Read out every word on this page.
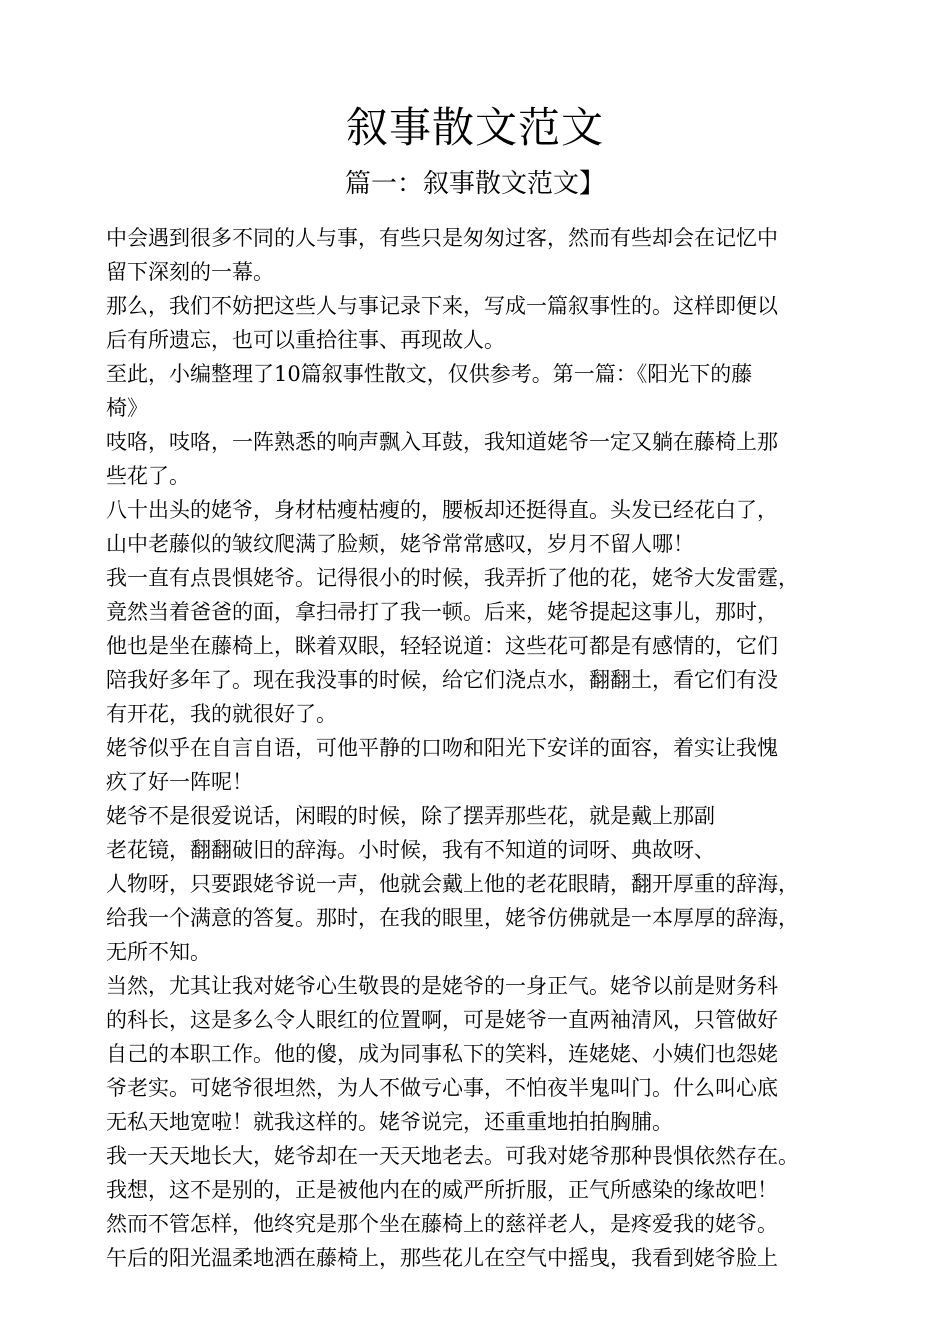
叙事散文范文
篇一：叙事散文范文】
中会遇到很多不同的人与事，有些只是匆匆过客，然而有些却会在记忆中
留下深刻的一幕。
那么，我们不妨把这些人与事记录下来，写成一篇叙事性的。这样即便以
后有所遗忘，也可以重拾往事、再现故人。
至此，小编整理了10篇叙事性散文，仅供参考。第一篇：《阳光下的藤
椅》
吱咯，吱咯，一阵熟悉的响声飘入耳鼓，我知道姥爷一定又躺在藤椅上那
些花了。
八十出头的姥爷，身材枯瘦枯瘦的，腰板却还挺得直。头发已经花白了，
山中老藤似的皱纹爬满了脸颊，姥爷常常感叹，岁月不留人哪！
我一直有点畏惧姥爷。记得很小的时候，我弄折了他的花，姥爷大发雷霆，
竟然当着爸爸的面，拿扫帚打了我一顿。后来，姥爷提起这事儿，那时，
他也是坐在藤椅上，眯着双眼，轻轻说道：这些花可都是有感情的，它们
陪我好多年了。现在我没事的时候，给它们浇点水，翻翻土，看它们有没
有开花，我的就很好了。
姥爷似乎在自言自语，可他平静的口吻和阳光下安详的面容，着实让我愧
疚了好一阵呢！
姥爷不是很爱说话，闲暇的时候，除了摆弄那些花，就是戴上那副
老花镜，翻翻破旧的辞海。小时候，我有不知道的词呀、典故呀、
人物呀，只要跟姥爷说一声，他就会戴上他的老花眼睛，翻开厚重的辞海，
给我一个满意的答复。那时，在我的眼里，姥爷仿佛就是一本厚厚的辞海，
无所不知。
当然，尤其让我对姥爷心生敬畏的是姥爷的一身正气。姥爷以前是财务科
的科长，这是多么令人眼红的位置啊，可是姥爷一直两袖清风，只管做好
自己的本职工作。他的傻，成为同事私下的笑料，连姥姥、小姨们也怨姥
爷老实。可姥爷很坦然，为人不做亏心事，不怕夜半鬼叫门。什么叫心底
无私天地宽啦！就我这样的。姥爷说完，还重重地拍拍胸脯。
我一天天地长大，姥爷却在一天天地老去。可我对姥爷那种畏惧依然存在。
我想，这不是别的，正是被他内在的威严所折服，正气所感染的缘故吧！
然而不管怎样，他终究是那个坐在藤椅上的慈祥老人，是疼爱我的姥爷。
午后的阳光温柔地洒在藤椅上，那些花儿在空气中摇曳，我看到姥爷脸上
